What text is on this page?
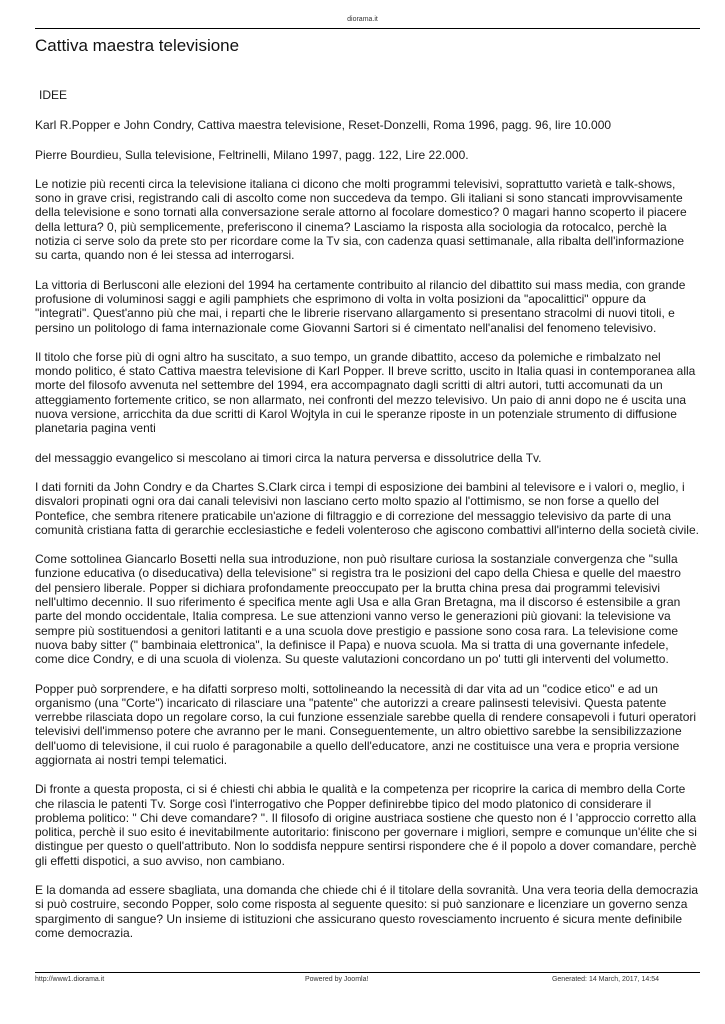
diorama.it
Cattiva maestra televisione

IDEE

Karl R.Popper e John Condry, Cattiva maestra televisione, Reset-Donzelli, Roma 1996, pagg. 96, lire 10.000

Pierre Bourdieu, Sulla televisione, Feltrinelli, Milano 1997, pagg. 122, Lire 22.000.

Le notizie più recenti circa la televisione italiana ci dicono che molti programmi televisivi, soprattutto varietà e talk-shows, sono in grave crisi, registrando cali di ascolto come non succedeva da tempo. Gli italiani si sono stancati improvvisamente della televisione e sono tornati alla conversazione serale attorno al focolare domestico? 0 magari hanno scoperto il piacere della lettura? 0, più semplicemente, preferiscono il cinema? Lasciamo la risposta alla sociologia da rotocalco, perchè la notizia ci serve solo da prete sto per ricordare come la Tv sia, con cadenza quasi settimanale, alla ribalta dell'informazione su carta, quando non é lei stessa ad interrogarsi.

La vittoria di Berlusconi alle elezioni del 1994 ha certamente contribuito al rilancio del dibattito sui mass media, con grande profusione di voluminosi saggi e agili pamphiets che esprimono di volta in volta posizioni da "apocalittici" oppure da "integrati". Quest'anno più che mai, i reparti che le librerie riservano allargamento si presentano stracolmi di nuovi titoli, e persino un politologo di fama internazionale come Giovanni Sartori si é cimentato nell'analisi del fenomeno televisivo.

Il titolo che forse più di ogni altro ha suscitato, a suo tempo, un grande dibattito, acceso da polemiche e rimbalzato nel mondo politico, é stato Cattiva maestra televisione di Karl Popper. Il breve scritto, uscito in Italia quasi in contemporanea alla morte del filosofo avvenuta nel settembre del 1994, era accompagnato dagli scritti di altri autori, tutti accomunati da un atteggiamento fortemente critico, se non allarmato, nei confronti del mezzo televisivo. Un paio di anni dopo ne é uscita una nuova versione, arricchita da due scritti di Karol Wojtyla in cui le speranze riposte in un potenziale strumento di diffusione planetaria pagina venti

del messaggio evangelico si mescolano ai timori circa la natura perversa e dissolutrice della Tv.

I dati forniti da John Condry e da Chartes S.Clark circa i tempi di esposizione dei bambini al televisore e i valori o, meglio, i disvalori propinati ogni ora dai canali televisivi non lasciano certo molto spazio al l'ottimismo, se non forse a quello del Pontefice, che sembra ritenere praticabile un'azione di filtraggio e di correzione del messaggio televisivo da parte di una comunità cristiana fatta di gerarchie ecclesiastiche e fedeli volenteroso che agiscono combattivi all'interno della società civile.

Come sottolinea Giancarlo Bosetti nella sua introduzione, non può risultare curiosa la sostanziale convergenza che "sulla funzione educativa (o diseducativa) della televisione" si registra tra le posizioni del capo della Chiesa e quelle del maestro del pensiero liberale. Popper si dichiara profondamente preoccupato per la brutta china presa dai programmi televisivi nell'ultimo decennio. Il suo riferimento é specifica mente agli Usa e alla Gran Bretagna, ma il discorso é estensibile a gran parte del mondo occidentale, Italia compresa. Le sue attenzioni vanno verso le generazioni più giovani: la televisione va sempre più sostituendosi a genitori latitanti e a una scuola dove prestigio e passione sono cosa rara. La televisione come nuova baby sitter (" bambinaia elettronica", la definisce il Papa) e nuova scuola. Ma si tratta di una governante infedele, come dice Condry, e di una scuola di violenza. Su queste valutazioni concordano un po' tutti gli interventi del volumetto.

Popper può sorprendere, e ha difatti sorpreso molti, sottolineando la necessità di dar vita ad un "codice etico" e ad un organismo (una "Corte") incaricato di rilasciare una "patente" che autorizzi a creare palinsesti televisivi. Questa patente verrebbe rilasciata dopo un regolare corso, la cui funzione essenziale sarebbe quella di rendere consapevoli i futuri operatori televisivi dell'immenso potere che avranno per le mani. Conseguentemente, un altro obiettivo sarebbe la sensibilizzazione dell'uomo di televisione, il cui ruolo é paragonabile a quello dell'educatore, anzi ne costituisce una vera e propria versione aggiornata ai nostri tempi telematici.

Di fronte a questa proposta, ci si é chiesti chi abbia le qualità e la competenza per ricoprire la carica di membro della Corte che rilascia le patenti Tv. Sorge così l'interrogativo che Popper definirebbe tipico del modo platonico di considerare il problema politico: " Chi deve comandare? ". Il filosofo di origine austriaca sostiene che questo non é l 'approccio corretto alla politica, perchè il suo esito é inevitabilmente autoritario: finiscono per governare i migliori, sempre e comunque un'élite che si distingue per questo o quell'attributo. Non lo soddisfa neppure sentirsi rispondere che é il popolo a dover comandare, perchè gli effetti dispotici, a suo avviso, non cambiano.

E la domanda ad essere sbagliata, una domanda che chiede chi é il titolare della sovranità. Una vera teoria della democrazia si può costruire, secondo Popper, solo come risposta al seguente quesito: si può sanzionare e licenziare un governo senza spargimento di sangue? Un insieme di istituzioni che assicurano questo rovesciamento incruento é sicura mente definibile come democrazia.

http://www1.diorama.it	Powered by Joomla!	Generated: 14 March, 2017, 14:54
